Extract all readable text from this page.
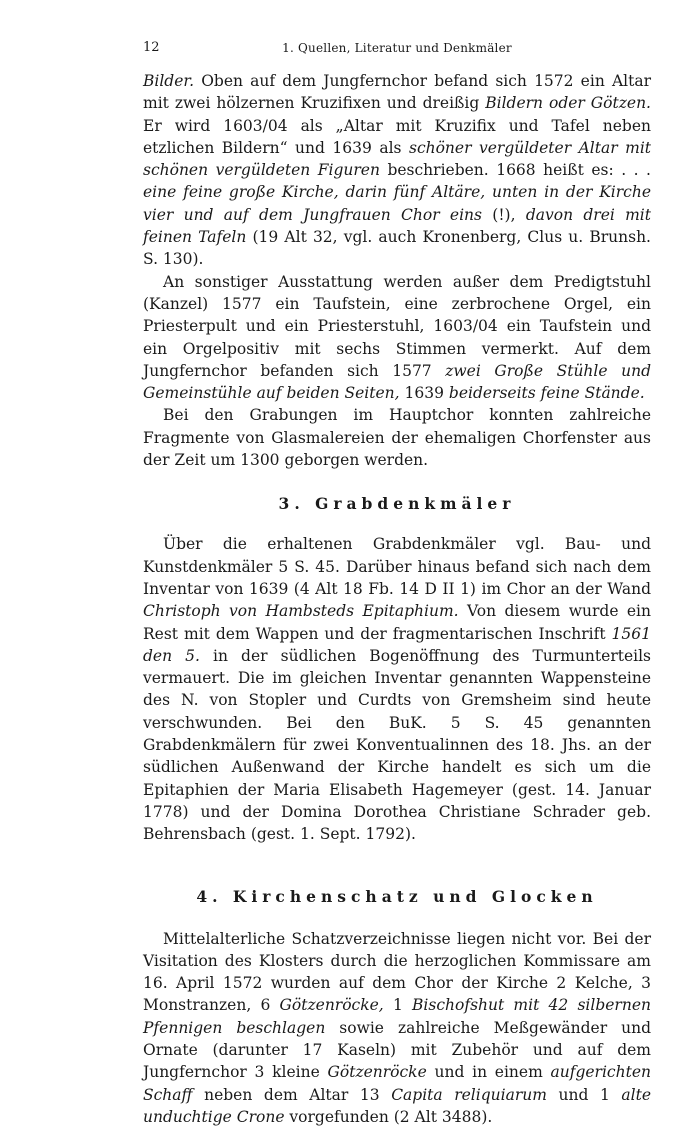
12	1. Quellen, Literatur und Denkmäler

Bilder. Oben auf dem Jungfernchor befand sich 1572 ein Altar mit zwei hölzernen Kruzifixen und dreißig Bildern oder Götzen. Er wird 1603/04 als „Altar mit Kruzifix und Tafel neben etzlichen Bildern“ und 1639 als schöner vergüldeter Altar mit schönen vergüldeten Figuren beschrieben. 1668 heißt es: . . . eine feine große Kirche, darin fünf Altäre, unten in der Kirche vier und auf dem Jungfrauen Chor eins (!), davon drei mit feinen Tafeln (19 Alt 32, vgl. auch Kronenberg, Clus u. Brunsh. S. 130).

An sonstiger Ausstattung werden außer dem Predigtstuhl (Kanzel) 1577 ein Taufstein, eine zerbrochene Orgel, ein Priesterpult und ein Priesterstuhl, 1603/04 ein Taufstein und ein Orgelpositiv mit sechs Stimmen vermerkt. Auf dem Jungfernchor befanden sich 1577 zwei Große Stühle und Gemeinstühle auf beiden Seiten, 1639 beiderseits feine Stände.

Bei den Grabungen im Hauptchor konnten zahlreiche Fragmente von Glasmalereien der ehemaligen Chorfenster aus der Zeit um 1300 geborgen werden.

3. Grabdenkmäler

Über die erhaltenen Grabdenkmäler vgl. Bau- und Kunstdenkmäler 5 S. 45. Darüber hinaus befand sich nach dem Inventar von 1639 (4 Alt 18 Fb. 14 D II 1) im Chor an der Wand Christoph von Hambsteds Epitaphium. Von diesem wurde ein Rest mit dem Wappen und der fragmentarischen Inschrift 1561 den 5. in der südlichen Bogenöffnung des Turmunterteils vermauert. Die im gleichen Inventar genannten Wappensteine des N. von Stopler und Curdts von Gremsheim sind heute verschwunden. Bei den BuK. 5 S. 45 genannten Grabdenkmälern für zwei Konventualinnen des 18. Jhs. an der südlichen Außenwand der Kirche handelt es sich um die Epitaphien der Maria Elisabeth Hagemeyer (gest. 14. Januar 1778) und der Domina Dorothea Christiane Schrader geb. Behrensbach (gest. 1. Sept. 1792).

4. Kirchenschatz und Glocken

Mittelalterliche Schatzverzeichnisse liegen nicht vor. Bei der Visitation des Klosters durch die herzoglichen Kommissare am 16. April 1572 wurden auf dem Chor der Kirche 2 Kelche, 3 Monstranzen, 6 Götzenröcke, 1 Bischofshut mit 42 silbernen Pfennigen beschlagen sowie zahlreiche Meßgewänder und Ornate (darunter 17 Kaseln) mit Zubehör und auf dem Jungfernchor 3 kleine Götzenröcke und in einem aufgerichten Schaff neben dem Altar 13 Capita reliquiarum und 1 alte unduchtige Crone vorgefunden (2 Alt 3488).
